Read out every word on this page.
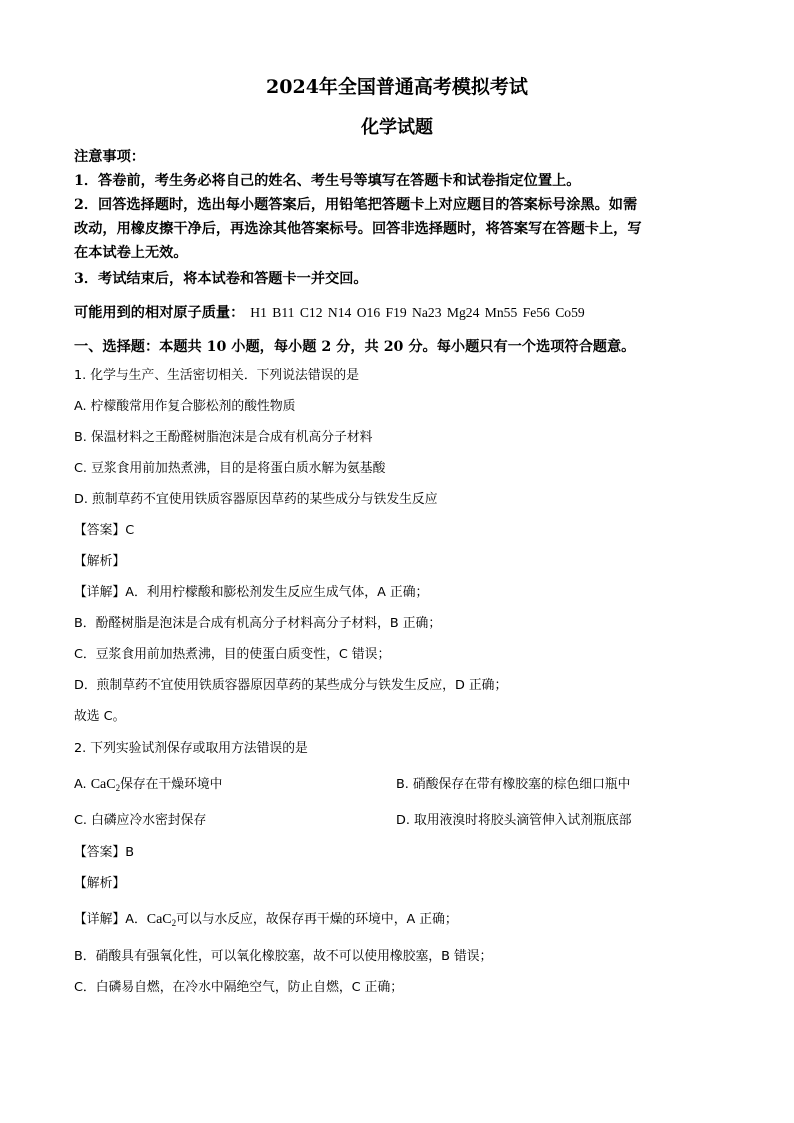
2024年全国普通高考模拟考试
化学试题
注意事项：
1．答卷前，考生务必将自己的姓名、考生号等填写在答题卡和试卷指定位置上。
2．回答选择题时，选出每小题答案后，用铅笔把答题卡上对应题目的答案标号涂黑。如需
改动，用橡皮擦干净后，再选涂其他答案标号。回答非选择题时，将答案写在答题卡上，写
在本试卷上无效。
3．考试结束后，将本试卷和答题卡一并交回。
可能用到的相对原子质量： H1 B11 C12 N14 O16 F19 Na23 Mg24 Mn55 Fe56 Co59
一、选择题：本题共 10 小题，每小题 2 分，共 20 分。每小题只有一个选项符合题意。
1. 化学与生产、生活密切相关．下列说法错误的是
A. 柠檬酸常用作复合膨松剂的酸性物质
B. 保温材料之王酚醛树脂泡沫是合成有机高分子材料
C. 豆浆食用前加热煮沸，目的是将蛋白质水解为氨基酸
D. 煎制草药不宜使用铁质容器原因草药的某些成分与铁发生反应
【答案】C
【解析】
【详解】A．利用柠檬酸和膨松剂发生反应生成气体，A 正确；
B．酚醛树脂是泡沫是合成有机高分子材料高分子材料，B 正确；
C．豆浆食用前加热煮沸，目的使蛋白质变性，C 错误；
D．煎制草药不宜使用铁质容器原因草药的某些成分与铁发生反应，D 正确；
故选 C。
2. 下列实验试剂保存或取用方法错误的是
A. CaC$_2$保存在干燥环境中	B. 硝酸保存在带有橡胶塞的棕色细口瓶中
C. 白磷应冷水密封保存	D. 取用液溴时将胶头滴管伸入试剂瓶底部
【答案】B
【解析】
【详解】A．CaC$_2$可以与水反应，故保存再干燥的环境中，A 正确；
B．硝酸具有强氧化性，可以氧化橡胶塞，故不可以使用橡胶塞，B 错误；
C．白磷易自燃，在冷水中隔绝空气，防止自燃，C 正确；
